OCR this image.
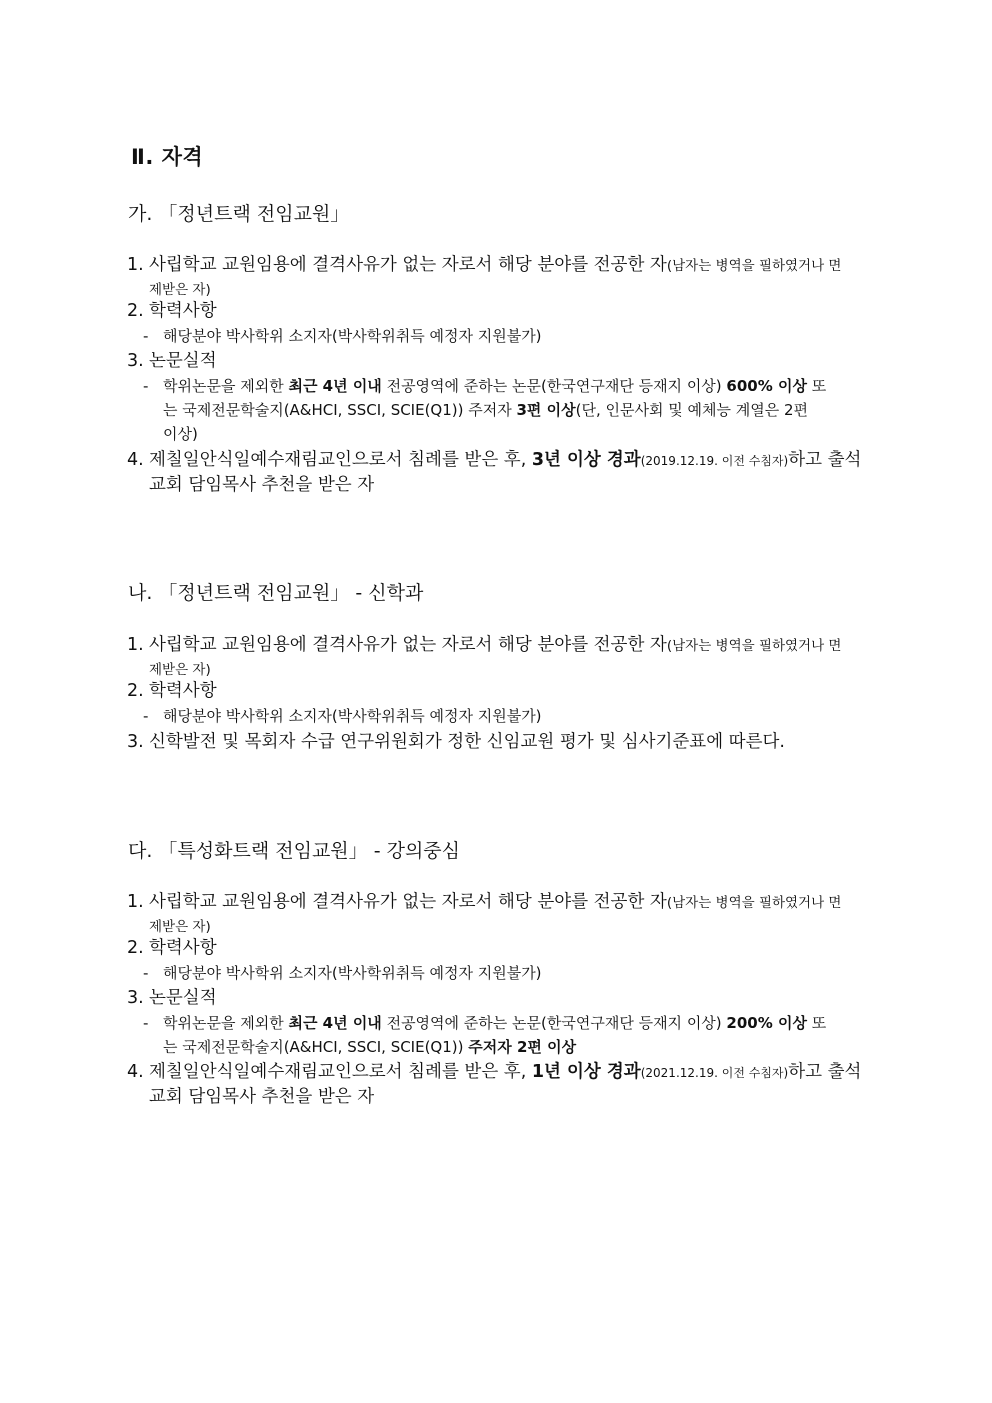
Ⅱ. 자격
가. 「정년트랙 전임교원」
1. 사립학교 교원임용에 결격사유가 없는 자로서 해당 분야를 전공한 자(남자는 병역을 필하였거나 면
제받은 자)
2. 학력사항
- 해당분야 박사학위 소지자(박사학위취득 예정자 지원불가)
3. 논문실적
- 학위논문을 제외한 최근 4년 이내 전공영역에 준하는 논문(한국연구재단 등재지 이상) 600% 이상 또
는 국제전문학술지(A&HCI, SSCI, SCIE(Q1)) 주저자 3편 이상(단, 인문사회 및 예체능 계열은 2편
이상)
4. 제칠일안식일예수재림교인으로서 침례를 받은 후, 3년 이상 경과(2019.12.19. 이전 수침자)하고 출석
교회 담임목사 추천을 받은 자
나. 「정년트랙 전임교원」 - 신학과
1. 사립학교 교원임용에 결격사유가 없는 자로서 해당 분야를 전공한 자(남자는 병역을 필하였거나 면
제받은 자)
2. 학력사항
- 해당분야 박사학위 소지자(박사학위취득 예정자 지원불가)
3. 신학발전 및 목회자 수급 연구위원회가 정한 신임교원 평가 및 심사기준표에 따른다.
다. 「특성화트랙 전임교원」 - 강의중심
1. 사립학교 교원임용에 결격사유가 없는 자로서 해당 분야를 전공한 자(남자는 병역을 필하였거나 면
제받은 자)
2. 학력사항
- 해당분야 박사학위 소지자(박사학위취득 예정자 지원불가)
3. 논문실적
- 학위논문을 제외한 최근 4년 이내 전공영역에 준하는 논문(한국연구재단 등재지 이상) 200% 이상 또
는 국제전문학술지(A&HCI, SSCI, SCIE(Q1)) 주저자 2편 이상
4. 제칠일안식일예수재림교인으로서 침례를 받은 후, 1년 이상 경과(2021.12.19. 이전 수침자)하고 출석
교회 담임목사 추천을 받은 자
